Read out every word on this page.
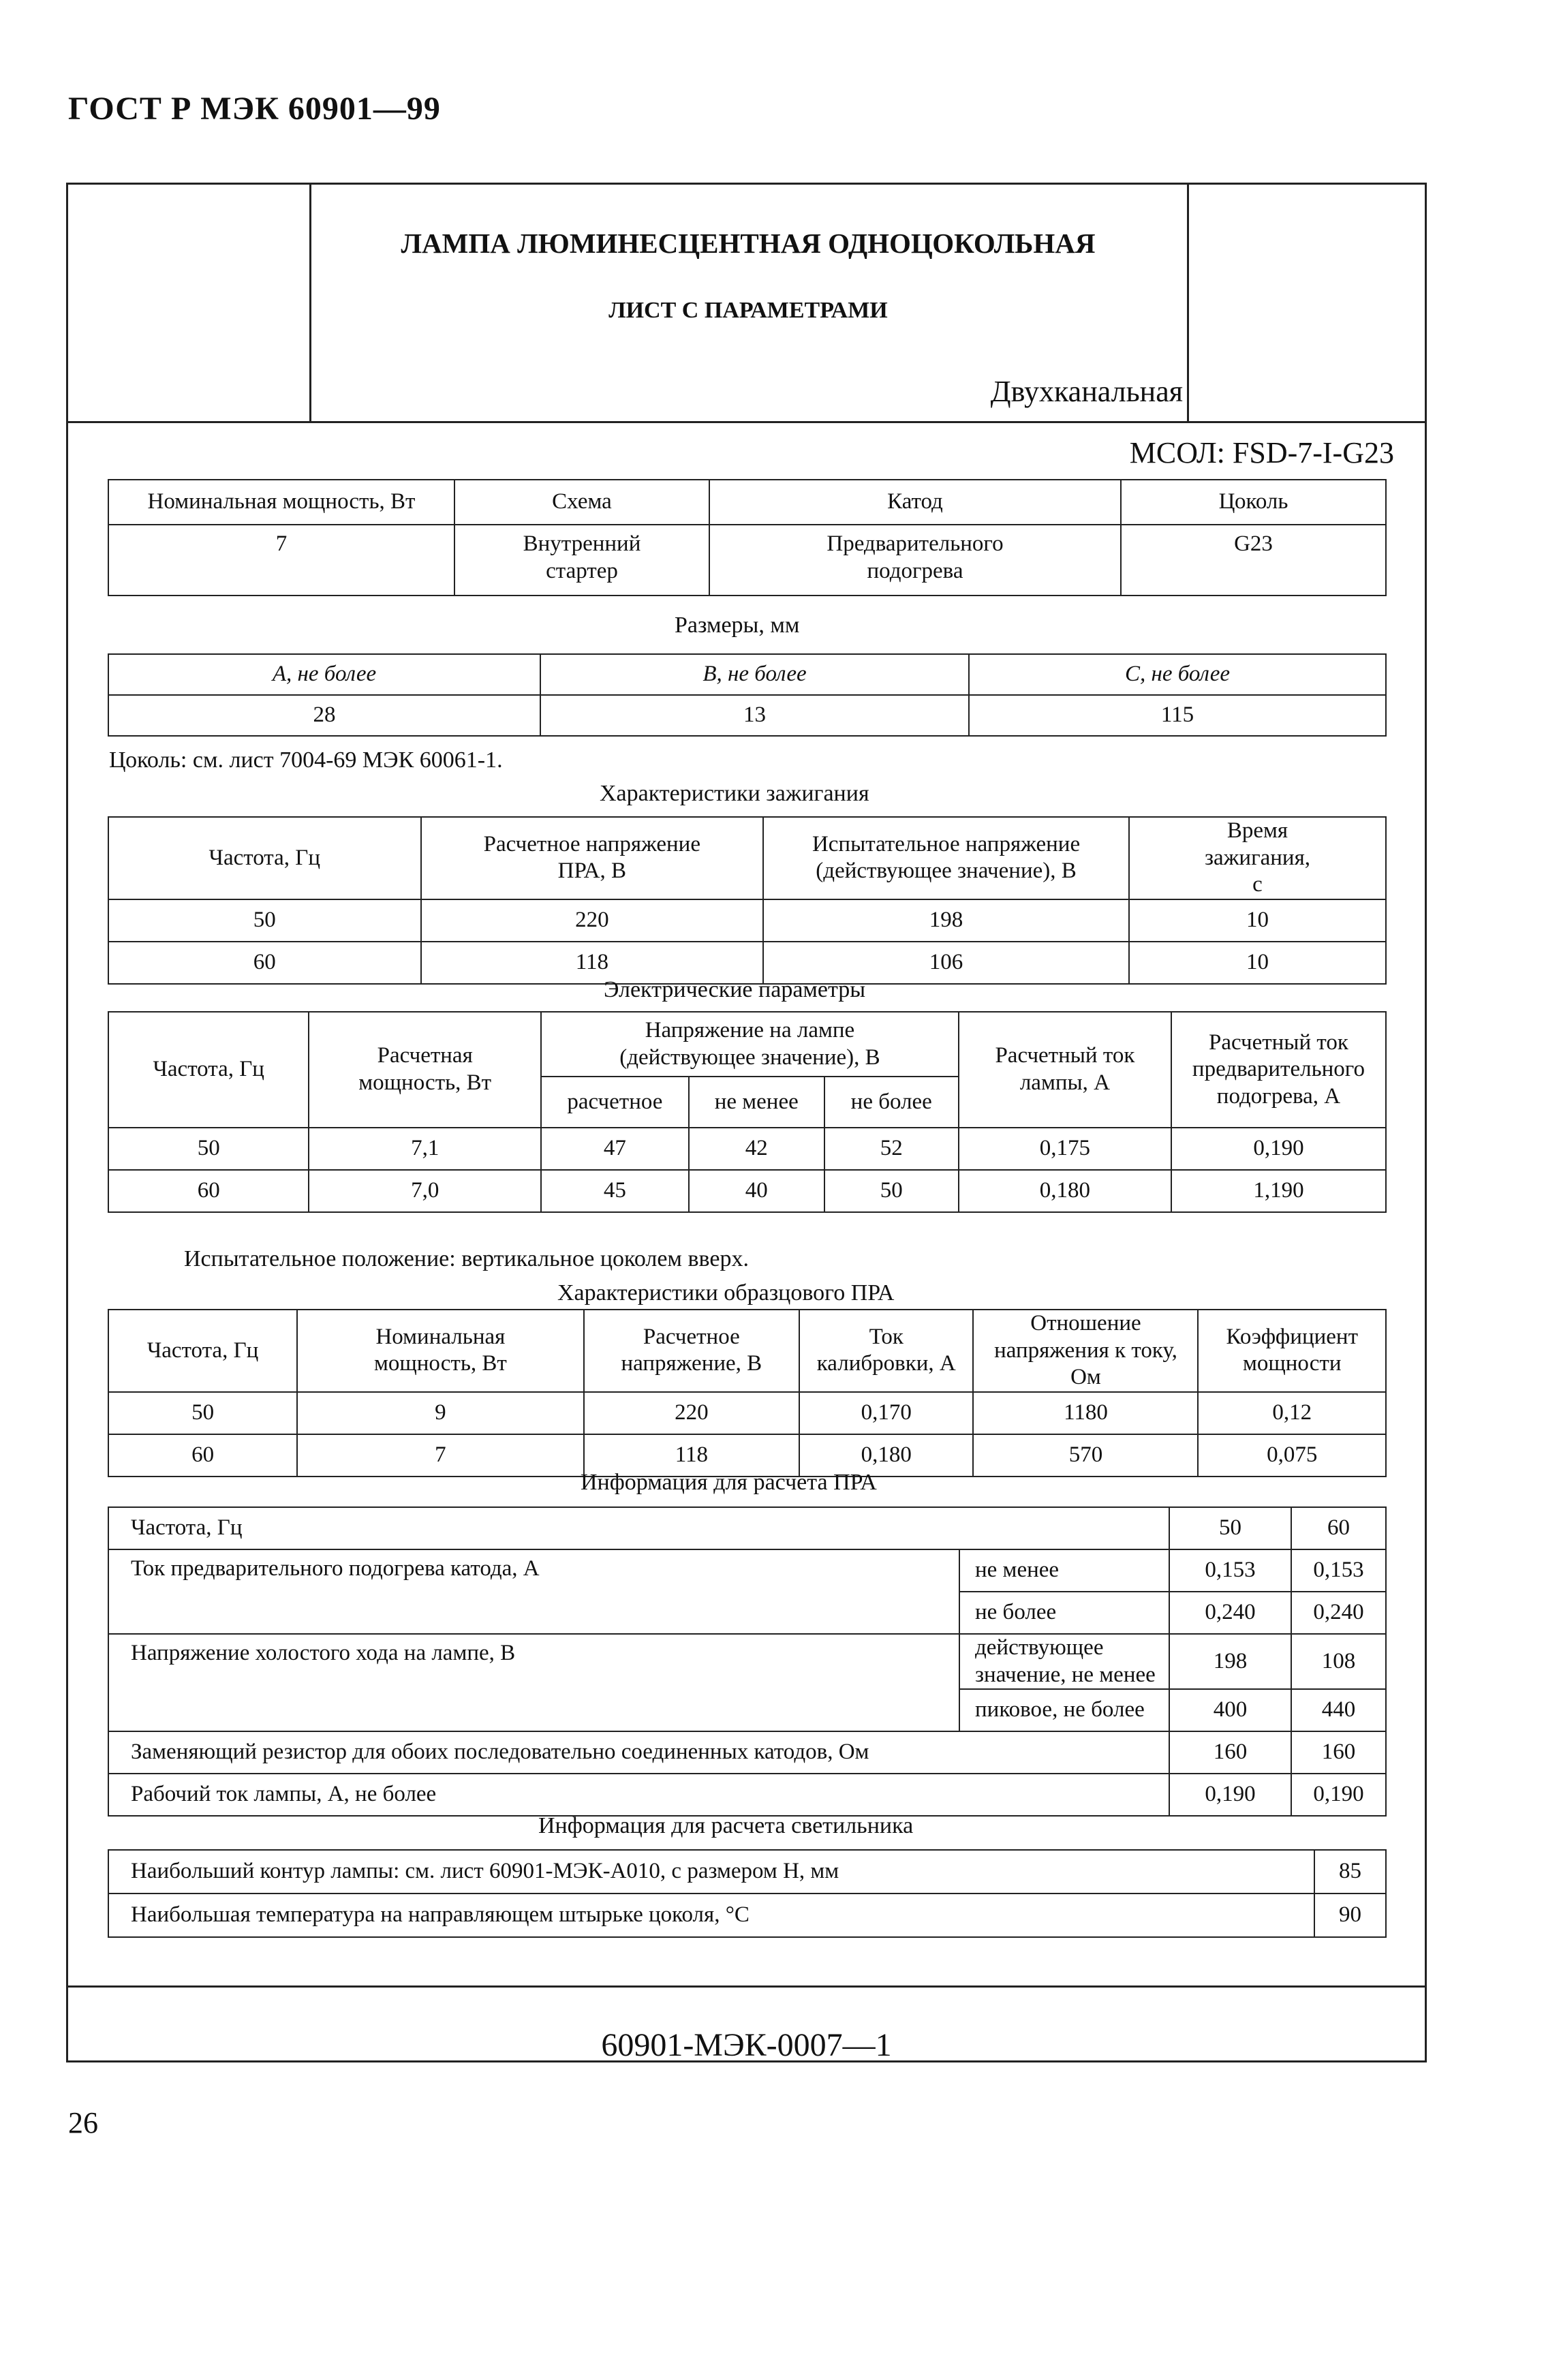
ГОСТ Р МЭК 60901—99
ЛАМПА ЛЮМИНЕСЦЕНТНАЯ ОДНОЦОКОЛЬНАЯ
ЛИСТ С ПАРАМЕТРАМИ
Двухканальная
МСОЛ: FSD-7-I-G23
Номинальная мощность, Вт	Схема	Катод	Цоколь
7	Внутренний стартер	Предварительного подогрева	G23
Размеры, мм
A, не более	B, не более	C, не более
28	13	115
Цоколь: см. лист 7004-69 МЭК 60061-1.
Характеристики зажигания
Частота, Гц	Расчетное напряжение ПРА, В	Испытательное напряжение (действующее значение), В	Время зажигания, с
50	220	198	10
60	118	106	10
Электрические параметры
Частота, Гц	Расчетная мощность, Вт	Напряжение на лампе (действующее значение), В			Расчетный ток лампы, А	Расчетный ток предварительного подогрева, А
		расчетное	не менее	не более		
50	7,1	47	42	52	0,175	0,190
60	7,0	45	40	50	0,180	1,190
Испытательное положение: вертикальное цоколем вверх.
Характеристики образцового ПРА
Частота, Гц	Номинальная мощность, Вт	Расчетное напряжение, В	Ток калибровки, А	Отношение напряжения к току, Ом	Коэффициент мощности
50	9	220	0,170	1180	0,12
60	7	118	0,180	570	0,075
Информация для расчета ПРА
Частота, Гц		50	60
Ток предварительного подогрева катода, А	не менее	0,153	0,153
	не более	0,240	0,240
Напряжение холостого хода на лампе, В	действующее значение, не менее	198	108
	пиковое, не более	400	440
Заменяющий резистор для обоих последовательно соединенных катодов, Ом		160	160
Рабочий ток лампы, А, не более		0,190	0,190
Информация для расчета светильника
Наибольший контур лампы: см. лист 60901-МЭК-А010, с размером H, мм	85
Наибольшая температура на направляющем штырьке цоколя, °С	90
60901-МЭК-0007—1
26
